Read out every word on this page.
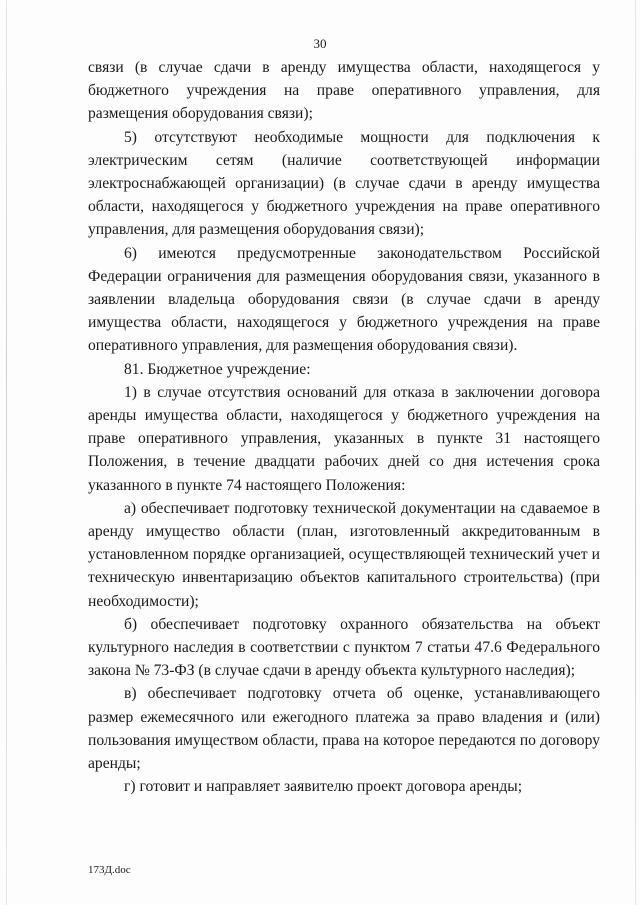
30

связи (в случае сдачи в аренду имущества области, находящегося у бюджетного учреждения на праве оперативного управления, для размещения оборудования связи);

5) отсутствуют необходимые мощности для подключения к электрическим сетям (наличие соответствующей информации электроснабжающей организации) (в случае сдачи в аренду имущества области, находящегося у бюджетного учреждения на праве оперативного управления, для размещения оборудования связи);

6) имеются предусмотренные законодательством Российской Федерации ограничения для размещения оборудования связи, указанного в заявлении владельца оборудования связи (в случае сдачи в аренду имущества области, находящегося у бюджетного учреждения на праве оперативного управления, для размещения оборудования связи).

81. Бюджетное учреждение:

1) в случае отсутствия оснований для отказа в заключении договора аренды имущества области, находящегося у бюджетного учреждения на праве оперативного управления, указанных в пункте 31 настоящего Положения, в течение двадцати рабочих дней со дня истечения срока указанного в пункте 74 настоящего Положения:

а) обеспечивает подготовку технической документации на сдаваемое в аренду имущество области (план, изготовленный аккредитованным в установленном порядке организацией, осуществляющей технический учет и техническую инвентаризацию объектов капитального строительства) (при необходимости);

б) обеспечивает подготовку охранного обязательства на объект культурного наследия в соответствии с пунктом 7 статьи 47.6 Федерального закона № 73-ФЗ (в случае сдачи в аренду объекта культурного наследия);

в) обеспечивает подготовку отчета об оценке, устанавливающего размер ежемесячного или ежегодного платежа за право владения и (или) пользования имуществом области, права на которое передаются по договору аренды;

г) готовит и направляет заявителю проект договора аренды;

173Д.doc
